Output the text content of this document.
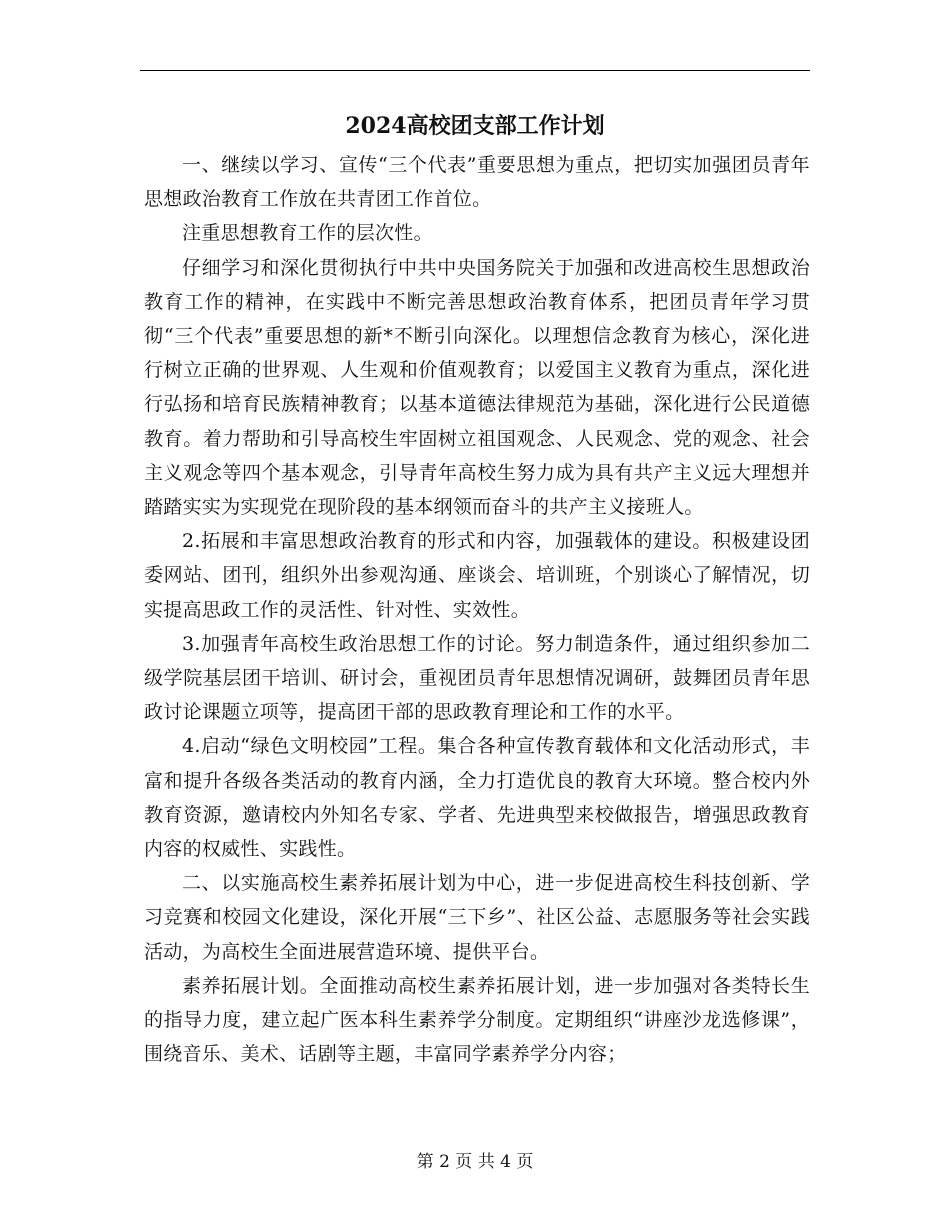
2024高校团支部工作计划

一、继续以学习、宣传“三个代表”重要思想为重点，把切实加强团员青年思想政治教育工作放在共青团工作首位。

注重思想教育工作的层次性。

仔细学习和深化贯彻执行中共中央国务院关于加强和改进高校生思想政治教育工作的精神，在实践中不断完善思想政治教育体系，把团员青年学习贯彻“三个代表”重要思想的新*不断引向深化。以理想信念教育为核心，深化进行树立正确的世界观、人生观和价值观教育；以爱国主义教育为重点，深化进行弘扬和培育民族精神教育；以基本道德法律规范为基础，深化进行公民道德教育。着力帮助和引导高校生牢固树立祖国观念、人民观念、党的观念、社会主义观念等四个基本观念，引导青年高校生努力成为具有共产主义远大理想并踏踏实实为实现党在现阶段的基本纲领而奋斗的共产主义接班人。

2.拓展和丰富思想政治教育的形式和内容，加强载体的建设。积极建设团委网站、团刊，组织外出参观沟通、座谈会、培训班，个别谈心了解情况，切实提高思政工作的灵活性、针对性、实效性。

3.加强青年高校生政治思想工作的讨论。努力制造条件，通过组织参加二级学院基层团干培训、研讨会，重视团员青年思想情况调研，鼓舞团员青年思政讨论课题立项等，提高团干部的思政教育理论和工作的水平。

4.启动“绿色文明校园”工程。集合各种宣传教育载体和文化活动形式，丰富和提升各级各类活动的教育内涵，全力打造优良的教育大环境。整合校内外教育资源，邀请校内外知名专家、学者、先进典型来校做报告，增强思政教育内容的权威性、实践性。

二、以实施高校生素养拓展计划为中心，进一步促进高校生科技创新、学习竞赛和校园文化建设，深化开展“三下乡”、社区公益、志愿服务等社会实践活动，为高校生全面进展营造环境、提供平台。

素养拓展计划。全面推动高校生素养拓展计划，进一步加强对各类特长生的指导力度，建立起广医本科生素养学分制度。定期组织“讲座沙龙选修课”，围绕音乐、美术、话剧等主题，丰富同学素养学分内容；

第 2 页 共 4 页
